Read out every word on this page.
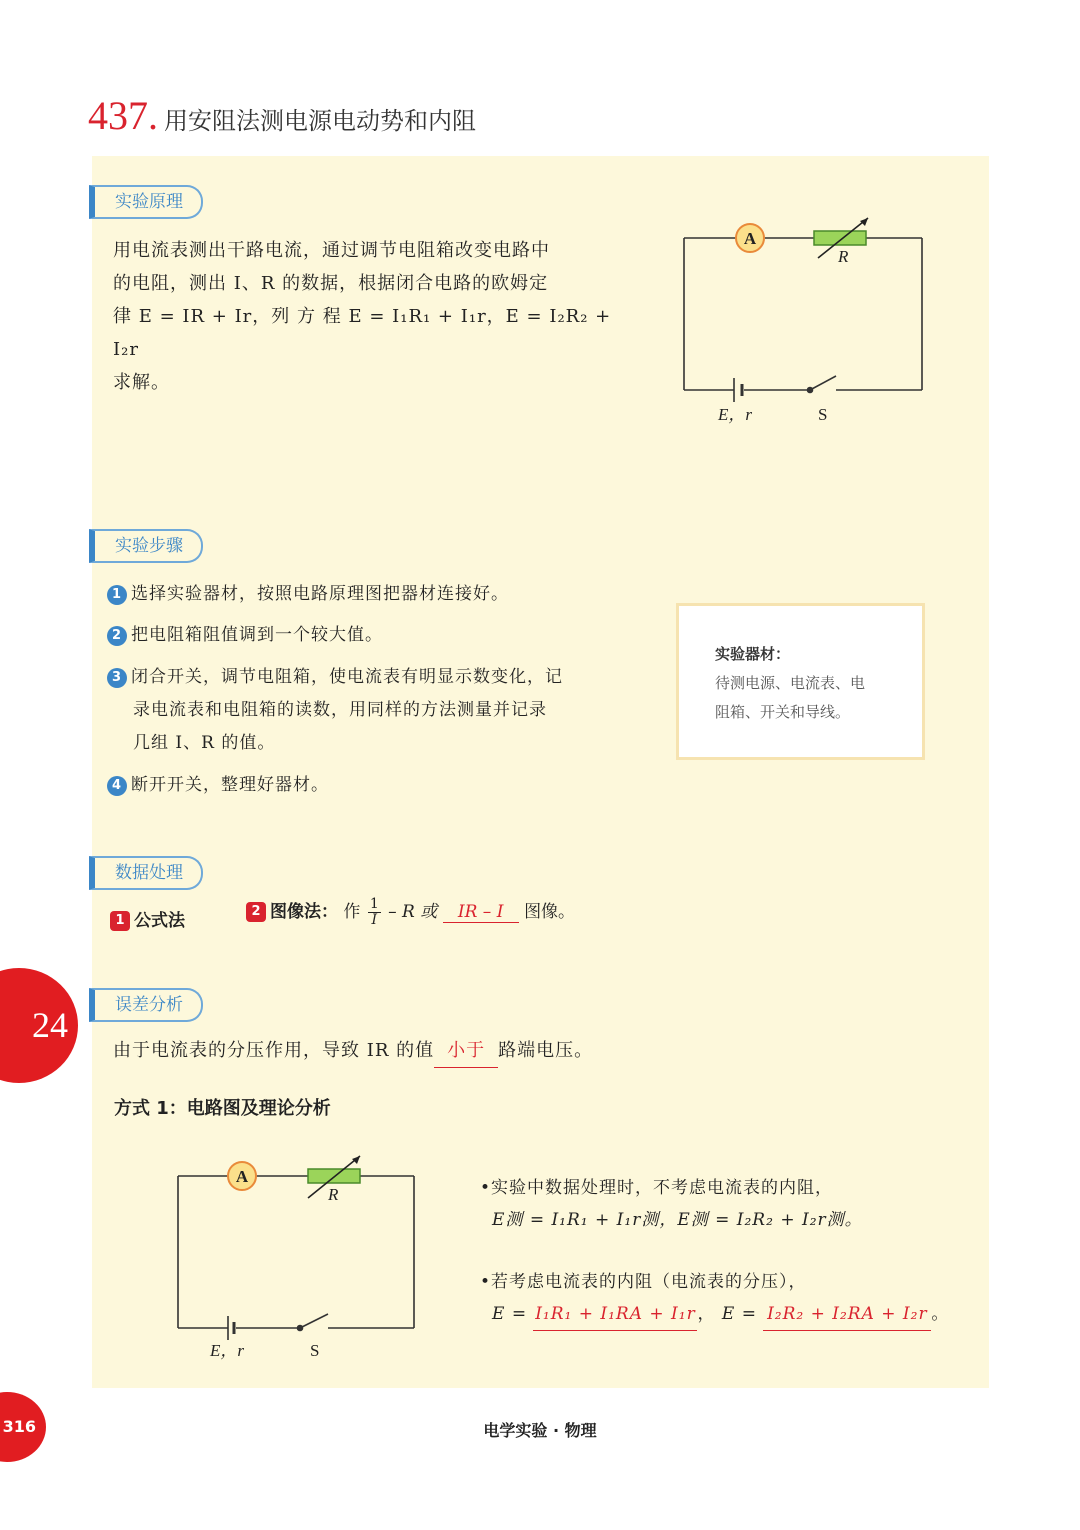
437. 用安阻法测电源电动势和内阻
实验原理
用电流表测出干路电流，通过调节电阻箱改变电路中
的电阻，测出 I、R 的数据，根据闭合电路的欧姆定
律 E = IR + Ir，列 方 程 E = I₁R₁ + I₁r，E = I₂R₂ + I₂r
求解。
A
R
E，r	S
实验步骤
1 选择实验器材，按照电路原理图把器材连接好。
2 把电阻箱阻值调到一个较大值。
3 闭合开关，调节电阻箱，使电流表有明显示数变化，记
录电流表和电阻箱的读数，用同样的方法测量并记录
几组 I、R 的值。
4 断开开关，整理好器材。
实验器材：
待测电源、电流表、电
阻箱、开关和导线。
数据处理
1 公式法	2 图像法： 作 $\frac{1}{I}$ – R 或 IR – I 图像。
误差分析
由于电流表的分压作用，导致 IR 的值 小于 路端电压。
方式 1：电路图及理论分析
A
R
E，r	S
•实验中数据处理时，不考虑电流表的内阻，
E测 = I₁R₁ + I₁r测，E测 = I₂R₂ + I₂r测。
•若考虑电流表的内阻（电流表的分压），
E = I₁R₁ + I₁RA + I₁r ， E = I₂R₂ + I₂RA + I₂r 。
24
316	电学实验 · 物理
